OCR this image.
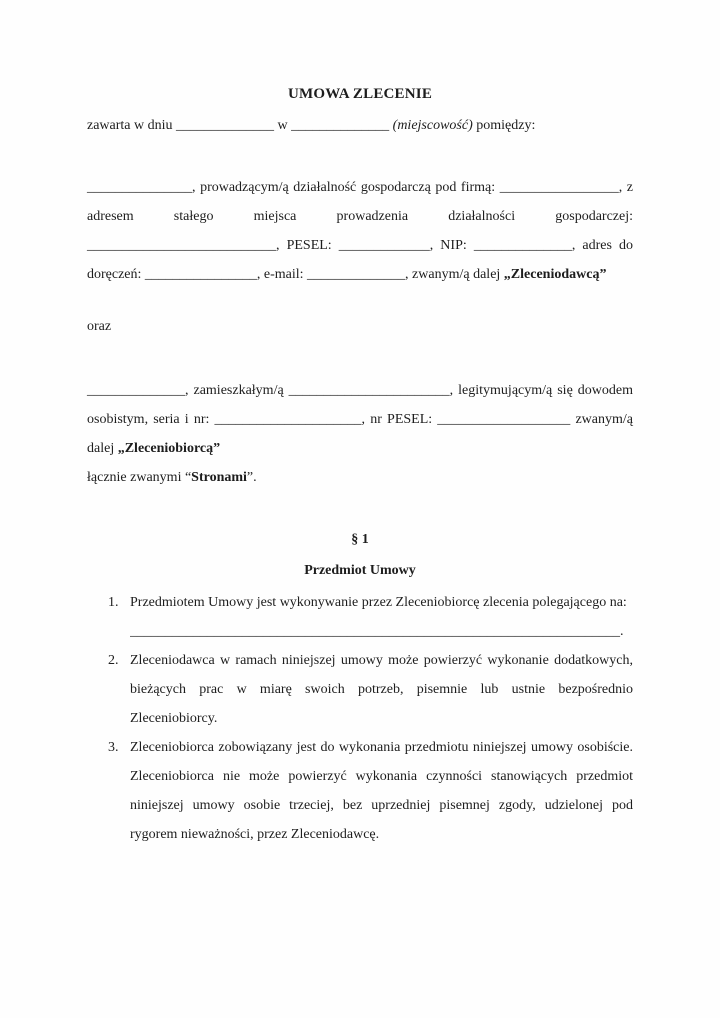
UMOWA ZLECENIE

zawarta w dniu ______________ w ______________ (miejscowość) pomiędzy:

_______________, prowadzącym/ą działalność gospodarczą pod firmą: _________________, z adresem stałego miejsca prowadzenia działalności gospodarczej: ___________________________, PESEL: _____________, NIP: ______________, adres do doręczeń: ________________, e-mail: ______________, zwanym/ą dalej „Zleceniodawcą”

oraz

______________, zamieszkałym/ą _______________________, legitymującym/ą się dowodem osobistym, seria i nr: _____________________, nr PESEL: ___________________ zwanym/ą dalej „Zleceniobiorcą”

łącznie zwanymi “Stronami”.

§ 1
Przedmiot Umowy
1. Przedmiotem Umowy jest wykonywanie przez Zleceniobiorcę zlecenia polegającego na:
______________________________________________________________________.
2. Zleceniodawca w ramach niniejszej umowy może powierzyć wykonanie dodatkowych, bieżących prac w miarę swoich potrzeb, pisemnie lub ustnie bezpośrednio Zleceniobiorcy.
3. Zleceniobiorca zobowiązany jest do wykonania przedmiotu niniejszej umowy osobiście. Zleceniobiorca nie może powierzyć wykonania czynności stanowiących przedmiot niniejszej umowy osobie trzeciej, bez uprzedniej pisemnej zgody, udzielonej pod rygorem nieważności, przez Zleceniodawcę.
